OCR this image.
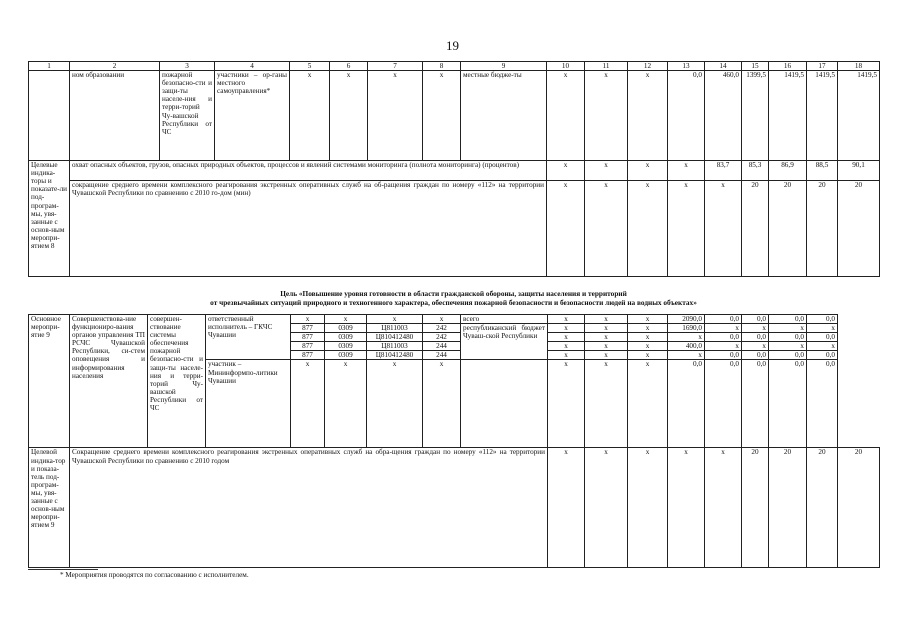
19
1	2	3	4	5	6	7	8	9	10	11	12	13	14	15	16	17	18	
	ном образовании	пожарной безопасно-сти и защи-ты населе-ния и терри-торий Чу-вашской Республики от ЧС	участники – ор-ганы местного самоуправления*	x	x	x	x	местные бюдже-ты	x	x	x	0,0	460,0	1399,5	1419,5	1419,5	1419,5	
Целевые индика-торы и показате-ли под-програм-мы, увя-занные с основ-ным меропри-ятием 8	охват опасных объектов, грузов, опасных природных объектов, процессов и явлений системами мониторинга (полнота мониторинга) (процентов)								x	x	x	x	83,7	85,3	86,9	88,5	90,1	
	сокращение среднего времени комплексного реагирования экстренных оперативных служб на об-ращения граждан по номеру «112» на территории Чувашской Республики по сравнению с 2010 го-дом (мин)								x	x	x	x	x	20	20	20	20	
Цель «Повышение уровня готовности в области гражданской обороны, защиты населения и территорий
от чрезвычайных ситуаций природного и техногенного характера, обеспечения пожарной безопасности и безопасности людей на водных объектах»
Основное меропри-ятие 9	Совершенствова-ние функциониро-вания органов управления ТП РСЧС Чувашской Республики, си-стем оповещения и информирования населения	совершен-ствование системы обеспечения пожарной безопасно-сти и защи-ты населе-ния и терри-торий Чу-вашской Республики от ЧС	ответственный исполнитель – ГКЧС Чувашии	x	x	x	x	всего	x	x	x	2090,0	0,0	0,0	0,0	0,0		
				877	0309	Ц811003	242	республиканский бюджет Чуваш-ской Республики	x	x	x	1690,0	x	x	x	x		
				877	0309	Ц810412480	242		x	x	x	x	0,0	0,0	0,0	0,0		
				877	0309	Ц811003	244		x	x	x	400,0	x	x	x	x		
				877	0309	Ц810412480	244		x	x	x	x	0,0	0,0	0,0	0,0		
			участник – Мининформпо-литики Чувашии	x	x	x	x		x	x	x	0,0	0,0	0,0	0,0	0,0		
Целевой индика-тор и показа-тель под-програм-мы, увя-занные с основ-ным меропри-ятием 9	Сокращение среднего времени комплексного реагирования экстренных оперативных служб на обра-щения граждан по номеру «112» на территории Чувашской Республики по сравнению с 2010 годом								x	x	x	x	x	20	20	20	20	
* Мероприятия проводятся по согласованию с исполнителем.
